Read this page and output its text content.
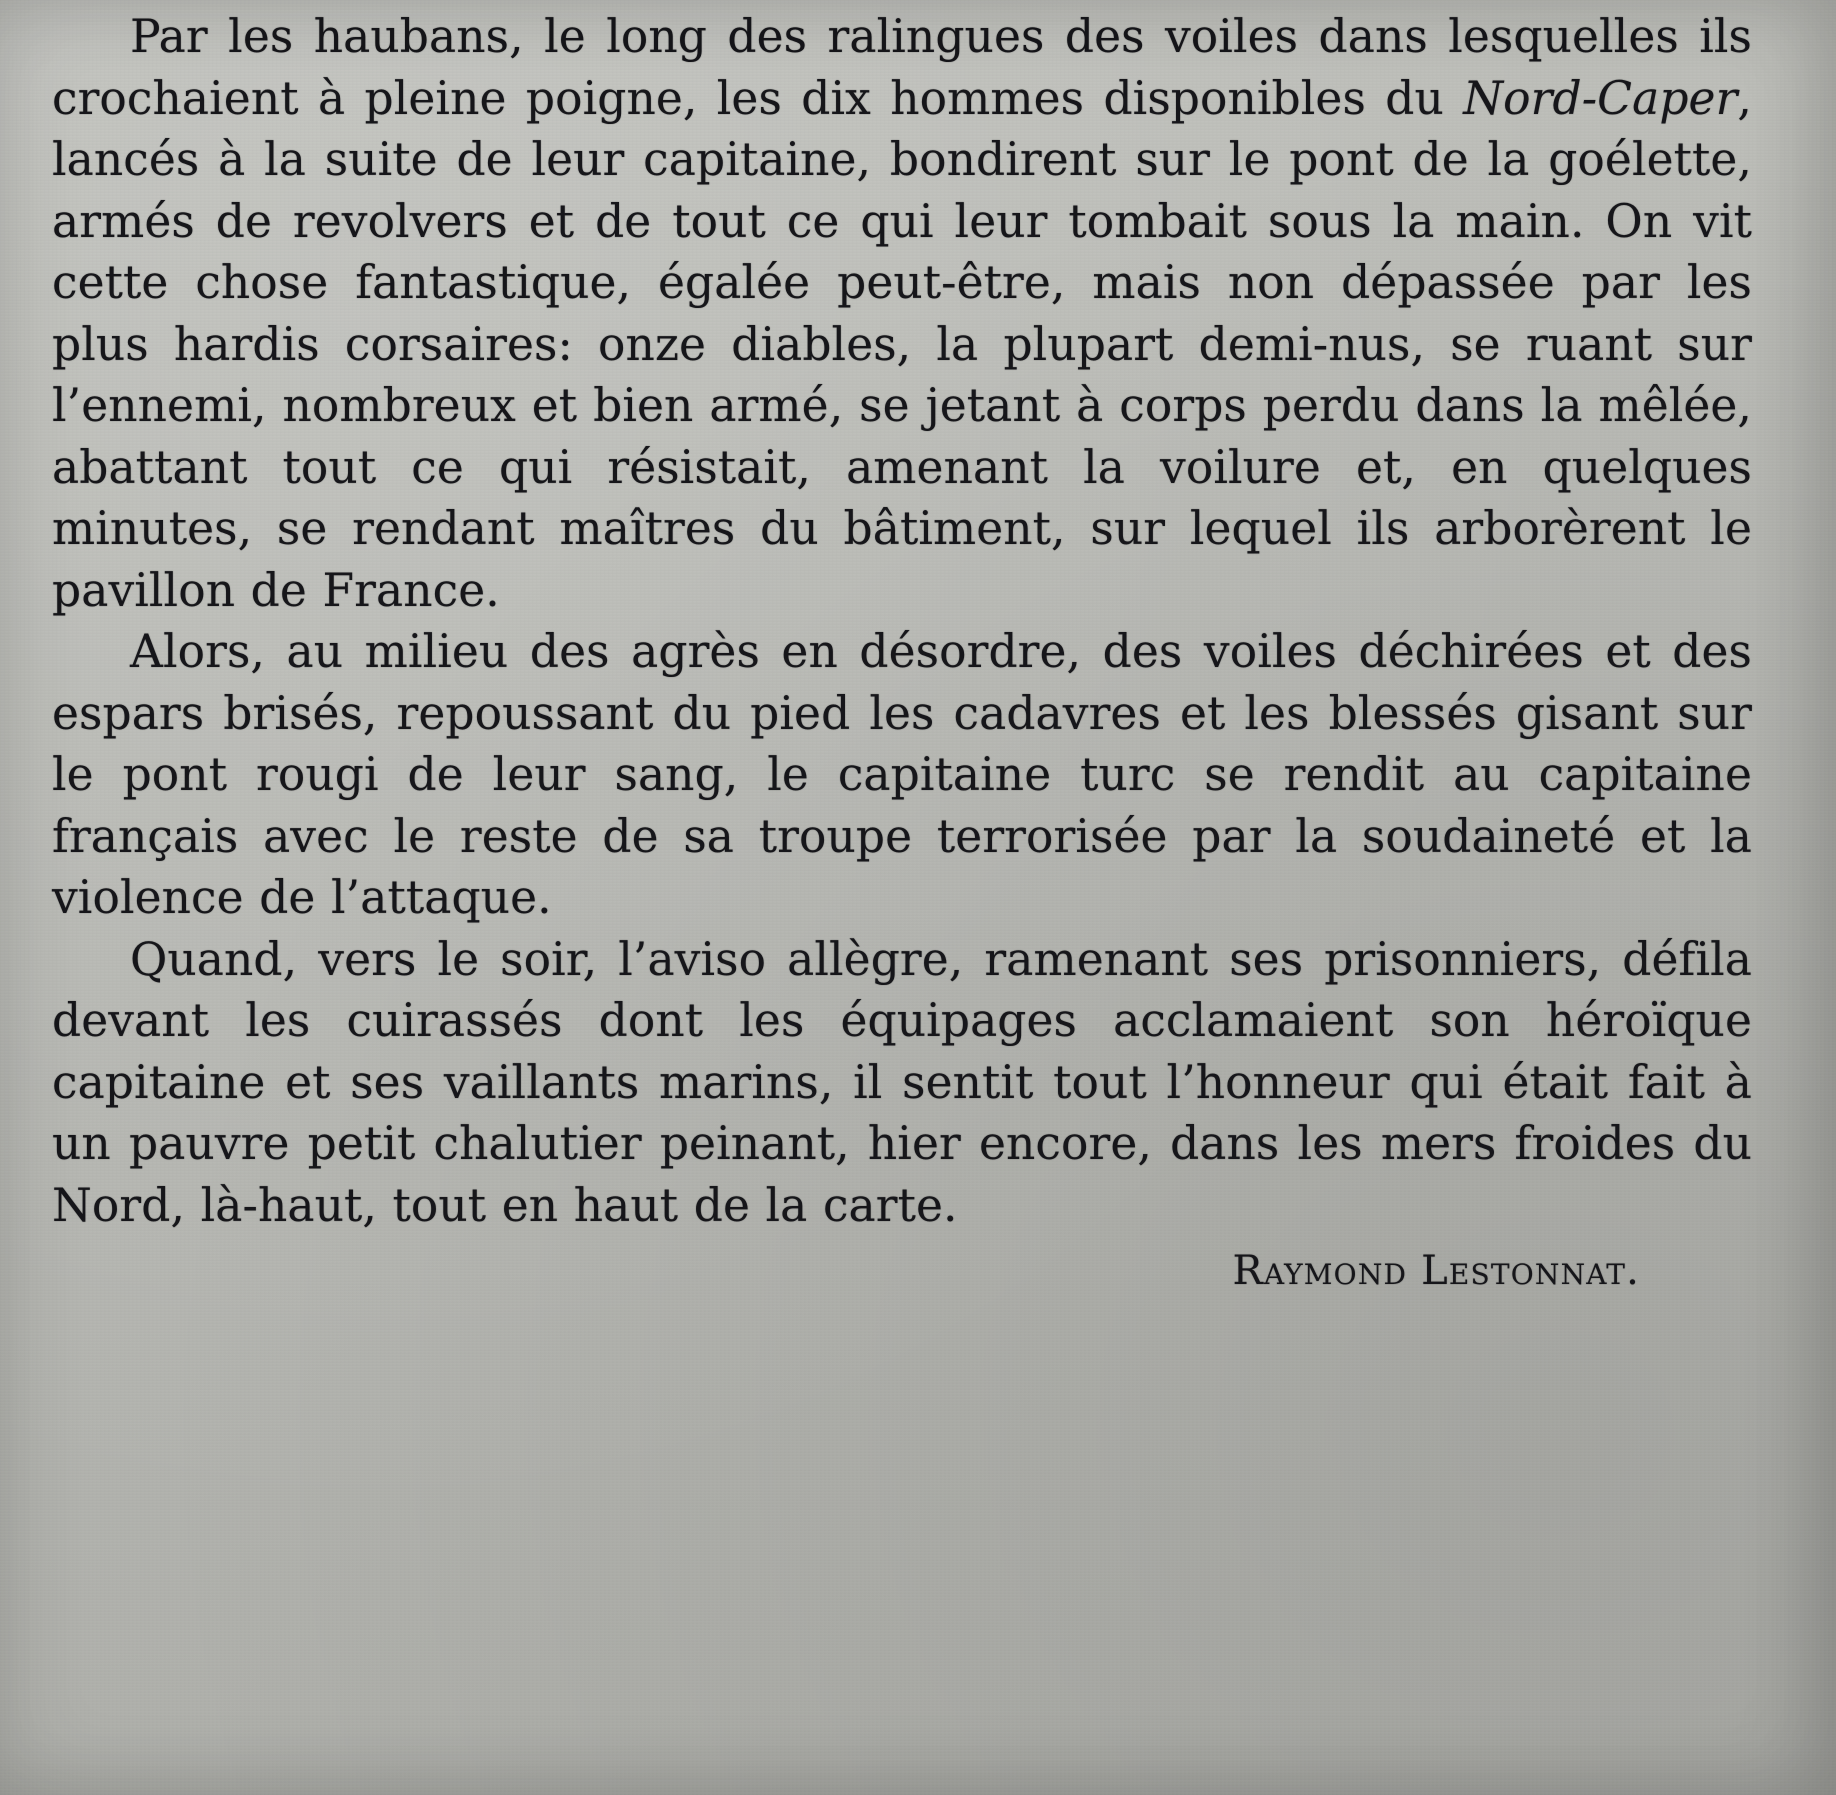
Par les haubans, le long des ralingues des voiles dans lesquelles ils crochaient à pleine poigne, les dix hommes disponibles du Nord-Caper, lancés à la suite de leur capitaine, bondirent sur le pont de la goélette, armés de revolvers et de tout ce qui leur tombait sous la main. On vit cette chose fantastique, égalée peut-être, mais non dépassée par les plus hardis corsaires: onze diables, la plupart demi-nus, se ruant sur l’ennemi, nombreux et bien armé, se jetant à corps perdu dans la mêlée, abattant tout ce qui résistait, amenant la voilure et, en quelques minutes, se rendant maîtres du bâtiment, sur lequel ils arborèrent le pavillon de France.

Alors, au milieu des agrès en désordre, des voiles déchirées et des espars brisés, repoussant du pied les cadavres et les blessés gisant sur le pont rougi de leur sang, le capitaine turc se rendit au capitaine français avec le reste de sa troupe terrorisée par la soudaineté et la violence de l’attaque.

Quand, vers le soir, l’aviso allègre, ramenant ses prisonniers, défila devant les cuirassés dont les équipages acclamaient son héroïque capitaine et ses vaillants marins, il sentit tout l’honneur qui était fait à un pauvre petit chalutier peinant, hier encore, dans les mers froides du Nord, là-haut, tout en haut de la carte.

Raymond Lestonnat.
